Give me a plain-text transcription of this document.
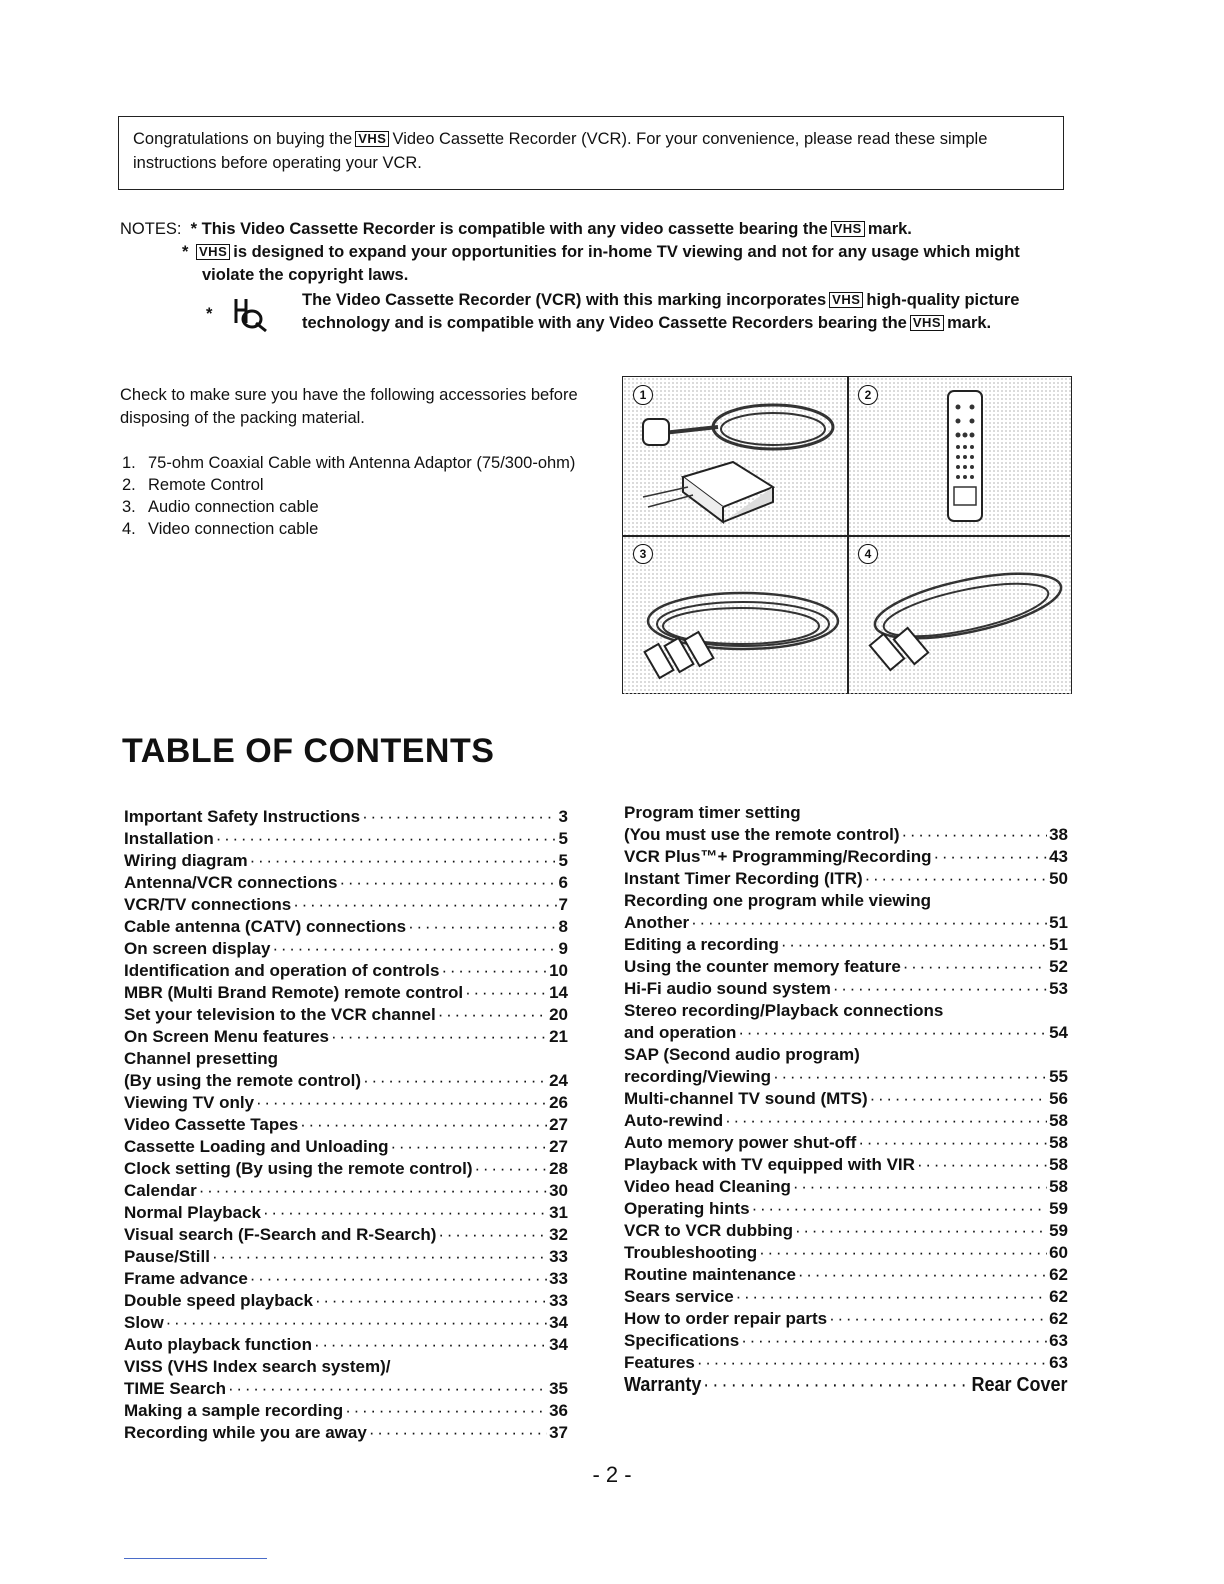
Congratulations on buying the VHS Video Cassette Recorder (VCR). For your convenience, please read these simple instructions before operating your VCR.
NOTES:  * This Video Cassette Recorder is compatible with any video cassette bearing the VHS mark.
* VHS is designed to expand your opportunities for in-home TV viewing and not for any usage which might violate the copyright laws.
*
The Video Cassette Recorder (VCR) with this marking incorporates VHS high-quality picture technology and is compatible with any Video Cassette Recorders bearing the VHS mark.
Check to make sure you have the following accessories before disposing of the packing material.
1. 75-ohm Coaxial Cable with Antenna Adaptor (75/300-ohm)
2. Remote Control
3. Audio connection cable
4. Video connection cable
1	2
3	4
TABLE OF CONTENTS
Important Safety Instructions · · ·	3
Installation · · ·	5
Wiring diagram · · ·	5
Antenna/VCR connections · · ·	6
VCR/TV connections · · ·	7
Cable antenna (CATV) connections · · ·	8
On screen display · · ·	9
Identification and operation of controls · · ·	10
MBR (Multi Brand Remote) remote control · · ·	14
Set your television to the VCR channel · · ·	20
On Screen Menu features · · ·	21
Channel presetting
(By using the remote control) · · ·	24
Viewing TV only · · ·	26
Video Cassette Tapes · · ·	27
Cassette Loading and Unloading · · ·	27
Clock setting (By using the remote control) · · ·	28
Calendar · · ·	30
Normal Playback · · ·	31
Visual search (F-Search and R-Search) · · ·	32
Pause/Still · · ·	33
Frame advance · · ·	33
Double speed playback · · ·	33
Slow · · ·	34
Auto playback function · · ·	34
VISS (VHS Index search system)/
TIME Search · · ·	35
Making a sample recording · · ·	36
Recording while you are away · · ·	37
Program timer setting
(You must use the remote control) · · ·	38
VCR Plus™+ Programming/Recording · · ·	43
Instant Timer Recording (ITR) · · ·	50
Recording one program while viewing
Another · · ·	51
Editing a recording · · ·	51
Using the counter memory feature · · ·	52
Hi-Fi audio sound system · · ·	53
Stereo recording/Playback connections
and operation · · ·	54
SAP (Second audio program)
recording/Viewing · · ·	55
Multi-channel TV sound (MTS) · · ·	56
Auto-rewind · · ·	58
Auto memory power shut-off · · ·	58
Playback with TV equipped with VIR · · ·	58
Video head Cleaning · · ·	58
Operating hints · · ·	59
VCR to VCR dubbing · · ·	59
Troubleshooting · · ·	60
Routine maintenance · · ·	62
Sears service · · ·	62
How to order repair parts · · ·	62
Specifications · · ·	63
Features · · ·	63
Warranty · · ·	Rear Cover
- 2 -
